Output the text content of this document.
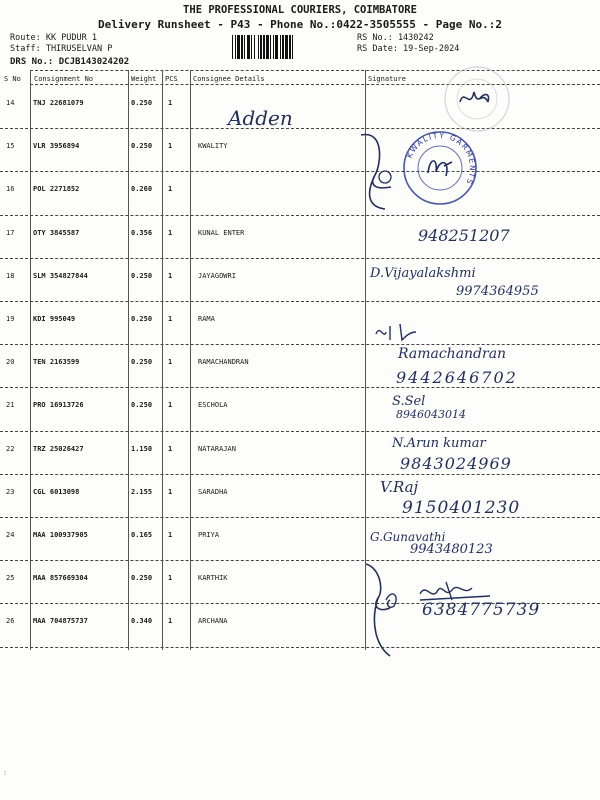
THE PROFESSIONAL COURIERS, COIMBATORE
Delivery Runsheet - P43 - Phone No.:0422-3505555 - Page No.:2
Route: KK PUDUR 1
Staff: THIRUSELVAN P
DRS No.: DCJB143024202
RS No.: 1430242
RS Date: 19-Sep-2024
S No Consignment No	Weight PCS Consignee Details	Signature
14	TNJ 22681079	0.250 1
15	VLR 3956894	0.250 1	KWALITY
16	POL 2271852	0.260 1
17	OTY 3845587	0.356 1	KUNAL ENTER
18	SLM 354827844	0.250 1	JAYAGOWRI
19	KDI 995049	0.250 1	RAMA
20	TEN 2163599	0.250 1	RAMACHANDRAN
21	PRO 16913726	0.250 1	ESCHOLA
22	TRZ 25026427	1.150 1	NATARAJAN
23	CGL 6013098	2.155 1	SARADHA
24	MAA 100937905	0.165 1	PRIYA
25	MAA 857669304	0.250 1	KARTHIK
26	MAA 704875737	0.340 1	ARCHANA
KWALITY GARMENTS
Adden
948251207
D.Vijayalakshmi
9974364955
Ramachandran
9442646702
S.Sel
8946043014
N.Arun kumar
9843024969
V.Raj
9150401230
G.Gunavathi
9943480123
6384775739
⁝
